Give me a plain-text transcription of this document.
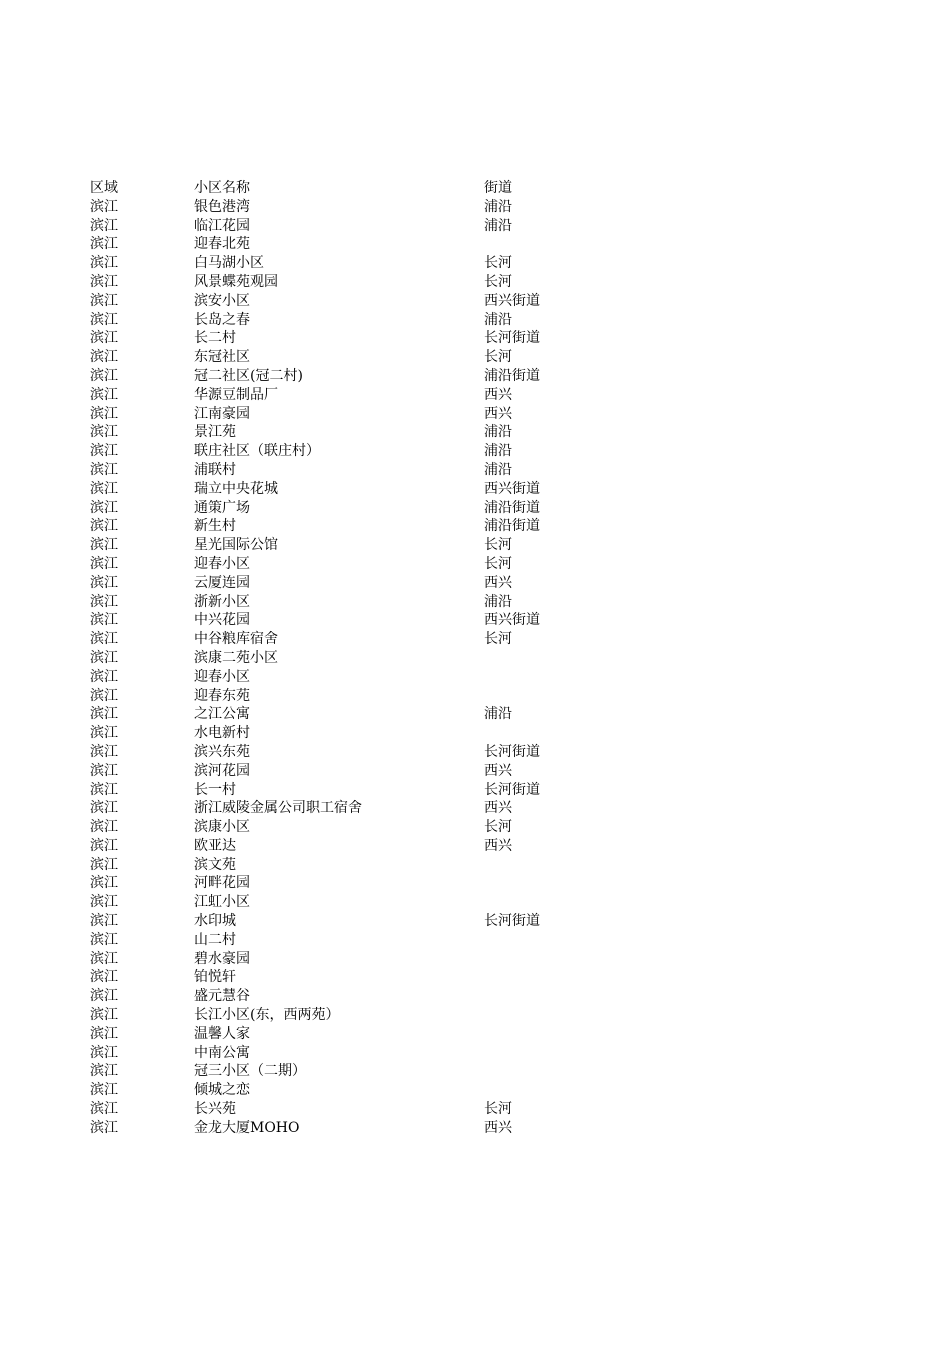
区域	小区名称	街道
滨江	银色港湾	浦沿
滨江	临江花园	浦沿
滨江	迎春北苑
滨江	白马湖小区	长河
滨江	风景蝶苑观园	长河
滨江	滨安小区	西兴街道
滨江	长岛之春	浦沿
滨江	长二村	长河街道
滨江	东冠社区	长河
滨江	冠二社区(冠二村)	浦沿街道
滨江	华源豆制品厂	西兴
滨江	江南豪园	西兴
滨江	景江苑	浦沿
滨江	联庄社区（联庄村）	浦沿
滨江	浦联村	浦沿
滨江	瑞立中央花城	西兴街道
滨江	通策广场	浦沿街道
滨江	新生村	浦沿街道
滨江	星光国际公馆	长河
滨江	迎春小区	长河
滨江	云厦连园	西兴
滨江	浙新小区	浦沿
滨江	中兴花园	西兴街道
滨江	中谷粮库宿舍	长河
滨江	滨康二苑小区
滨江	迎春小区
滨江	迎春东苑
滨江	之江公寓	浦沿
滨江	水电新村
滨江	滨兴东苑	长河街道
滨江	滨河花园	西兴
滨江	长一村	长河街道
滨江	浙江威陵金属公司职工宿舍	西兴
滨江	滨康小区	长河
滨江	欧亚达	西兴
滨江	滨文苑
滨江	河畔花园
滨江	江虹小区
滨江	水印城	长河街道
滨江	山二村
滨江	碧水豪园
滨江	铂悦轩
滨江	盛元慧谷
滨江	长江小区(东，西两苑）
滨江	温馨人家
滨江	中南公寓
滨江	冠三小区（二期）
滨江	倾城之恋
滨江	长兴苑	长河
滨江	金龙大厦MOHO	西兴
